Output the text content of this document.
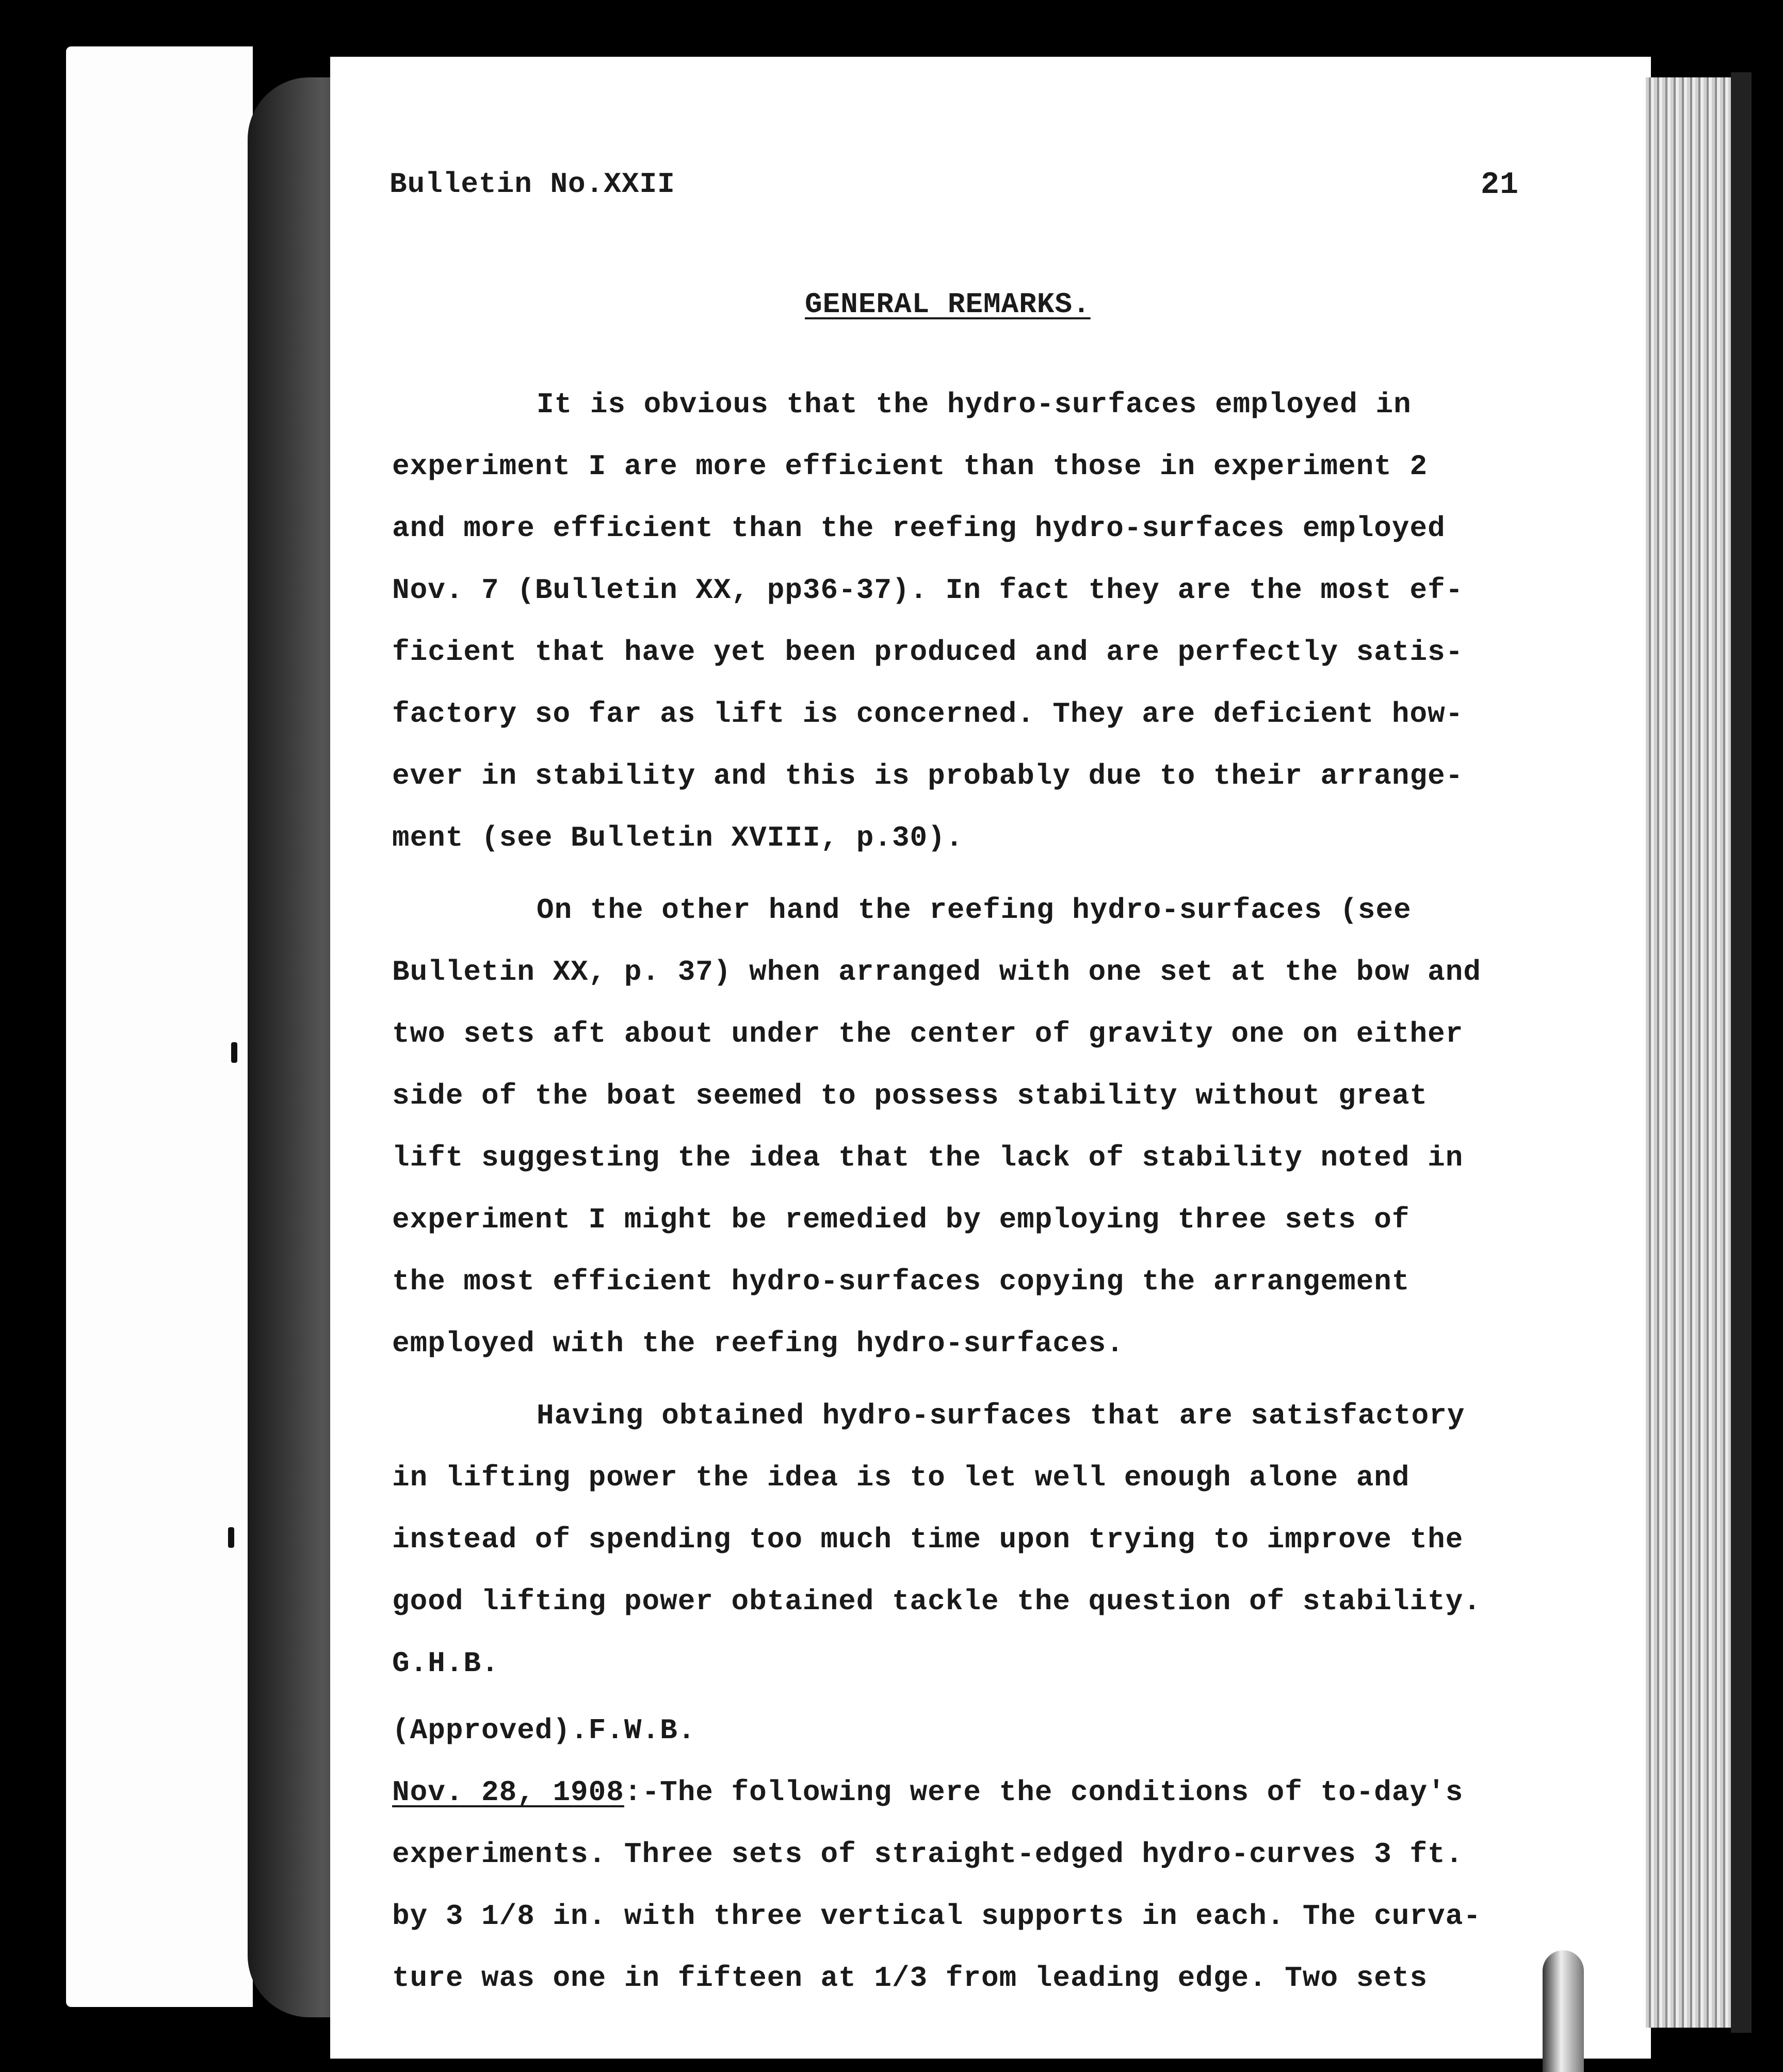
Bulletin No.XXII	21
GENERAL REMARKS.
It is obvious that the hydro-surfaces employed in
experiment I are more efficient than those in experiment 2
and more efficient than the reefing hydro-surfaces employed
Nov. 7 (Bulletin XX, pp36-37). In fact they are the most ef-
ficient that have yet been produced and are perfectly satis-
factory so far as lift is concerned. They are deficient how-
ever in stability and this is probably due to their arrange-
ment (see Bulletin XVIII, p.30).
On the other hand the reefing hydro-surfaces (see
Bulletin XX, p. 37) when arranged with one set at the bow and
two sets aft about under the center of gravity one on either
side of the boat seemed to possess stability without great
lift suggesting the idea that the lack of stability noted in
experiment I might be remedied by employing three sets of
the most efficient hydro-surfaces copying the arrangement
employed with the reefing hydro-surfaces.
Having obtained hydro-surfaces that are satisfactory
in lifting power the idea is to let well enough alone and
instead of spending too much time upon trying to improve the
good lifting power obtained tackle the question of stability.
G.H.B.
(Approved).F.W.B.
Nov. 28, 1908:-The following were the conditions of to-day's
experiments. Three sets of straight-edged hydro-curves 3 ft.
by 3 1/8 in. with three vertical supports in each. The curva-
ture was one in fifteen at 1/3 from leading edge. Two sets
